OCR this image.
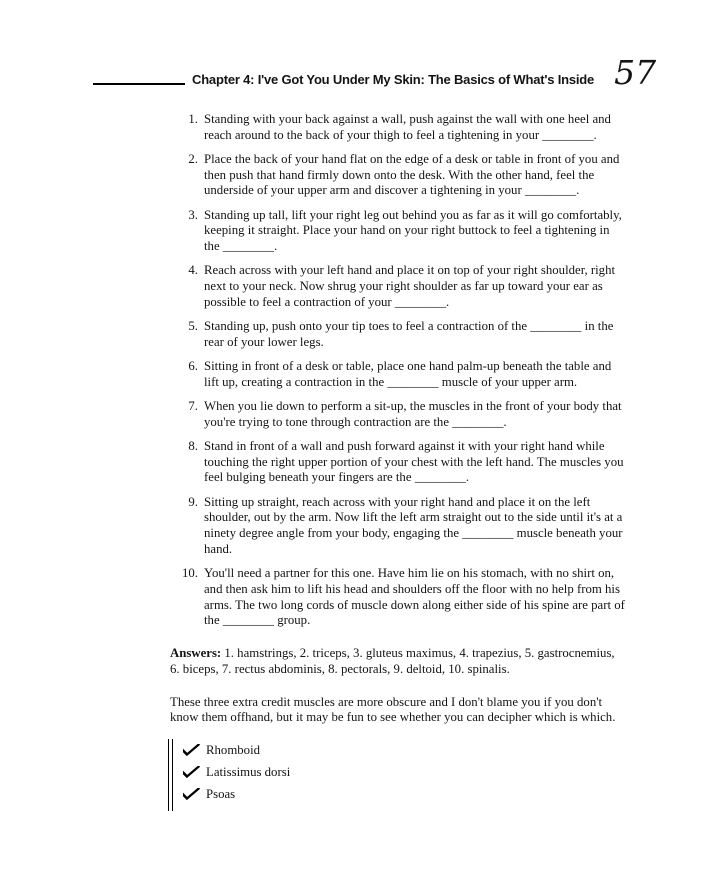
Chapter 4: I've Got You Under My Skin: The Basics of What's Inside 57
1. Standing with your back against a wall, push against the wall with one heel and reach around to the back of your thigh to feel a tightening in your ________.
2. Place the back of your hand flat on the edge of a desk or table in front of you and then push that hand firmly down onto the desk. With the other hand, feel the underside of your upper arm and discover a tightening in your ________.
3. Standing up tall, lift your right leg out behind you as far as it will go comfortably, keeping it straight. Place your hand on your right buttock to feel a tightening in the ________.
4. Reach across with your left hand and place it on top of your right shoulder, right next to your neck. Now shrug your right shoulder as far up toward your ear as possible to feel a contraction of your ________.
5. Standing up, push onto your tip toes to feel a contraction of the ________ in the rear of your lower legs.
6. Sitting in front of a desk or table, place one hand palm-up beneath the table and lift up, creating a contraction in the ________ muscle of your upper arm.
7. When you lie down to perform a sit-up, the muscles in the front of your body that you're trying to tone through contraction are the ________.
8. Stand in front of a wall and push forward against it with your right hand while touching the right upper portion of your chest with the left hand. The muscles you feel bulging beneath your fingers are the ________.
9. Sitting up straight, reach across with your right hand and place it on the left shoulder, out by the arm. Now lift the left arm straight out to the side until it's at a ninety degree angle from your body, engaging the ________ muscle beneath your hand.
10. You'll need a partner for this one. Have him lie on his stomach, with no shirt on, and then ask him to lift his head and shoulders off the floor with no help from his arms. The two long cords of muscle down along either side of his spine are part of the ________ group.

Answers: 1. hamstrings, 2. triceps, 3. gluteus maximus, 4. trapezius, 5. gastrocnemius, 6. biceps, 7. rectus abdominis, 8. pectorals, 9. deltoid, 10. spinalis.

These three extra credit muscles are more obscure and I don't blame you if you don't know them offhand, but it may be fun to see whether you can decipher which is which.

Rhomboid
Latissimus dorsi
Psoas
